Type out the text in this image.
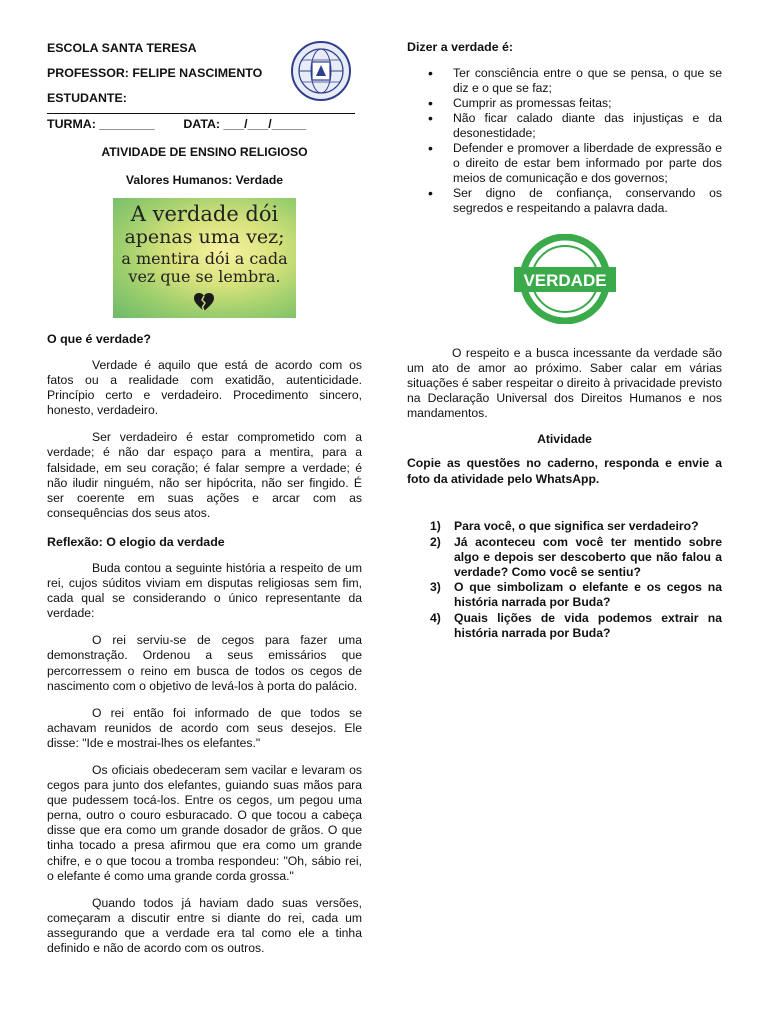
ESCOLA SANTA TERESA
PROFESSOR: FELIPE NASCIMENTO
ESTUDANTE:
TURMA: ________ DATA: ___/___/_____
ATIVIDADE DE ENSINO RELIGIOSO
Valores Humanos: Verdade
A verdade dói
apenas uma vez;
a mentira dói a cada
vez que se lembra.
O que é verdade?

Verdade é aquilo que está de acordo com os fatos ou a realidade com exatidão, autenticidade. Princípio certo e verdadeiro. Procedimento sincero, honesto, verdadeiro.

Ser verdadeiro é estar comprometido com a verdade; é não dar espaço para a mentira, para a falsidade, em seu coração; é falar sempre a verdade; é não iludir ninguém, não ser hipócrita, não ser fingido. É ser coerente em suas ações e arcar com as consequências dos seus atos.

Reflexão: O elogio da verdade

Buda contou a seguinte história a respeito de um rei, cujos súditos viviam em disputas religiosas sem fim, cada qual se considerando o único representante da verdade:

O rei serviu-se de cegos para fazer uma demonstração. Ordenou a seus emissários que percorressem o reino em busca de todos os cegos de nascimento com o objetivo de levá-los à porta do palácio.

O rei então foi informado de que todos se achavam reunidos de acordo com seus desejos. Ele disse: "Ide e mostrai-lhes os elefantes."

Os oficiais obedeceram sem vacilar e levaram os cegos para junto dos elefantes, guiando suas mãos para que pudessem tocá-los. Entre os cegos, um pegou uma perna, outro o couro esburacado. O que tocou a cabeça disse que era como um grande dosador de grãos. O que tinha tocado a presa afirmou que era como um grande chifre, e o que tocou a tromba respondeu: "Oh, sábio rei, o elefante é como uma grande corda grossa."

Quando todos já haviam dado suas versões, começaram a discutir entre si diante do rei, cada um assegurando que a verdade era tal como ele a tinha definido e não de acordo com os outros.

Dizer a verdade é:
• Ter consciência entre o que se pensa, o que se diz e o que se faz;
• Cumprir as promessas feitas;
• Não ficar calado diante das injustiças e da desonestidade;
• Defender e promover a liberdade de expressão e o direito de estar bem informado por parte dos meios de comunicação e dos governos;
• Ser digno de confiança, conservando os segredos e respeitando a palavra dada.
VERDADE

O respeito e a busca incessante da verdade são um ato de amor ao próximo. Saber calar em várias situações é saber respeitar o direito à privacidade previsto na Declaração Universal dos Direitos Humanos e nos mandamentos.

Atividade
Copie as questões no caderno, responda e envie a foto da atividade pelo WhatsApp.
1) Para você, o que significa ser verdadeiro?
2) Já aconteceu com você ter mentido sobre algo e depois ser descoberto que não falou a verdade? Como você se sentiu?
3) O que simbolizam o elefante e os cegos na história narrada por Buda?
4) Quais lições de vida podemos extrair na história narrada por Buda?
